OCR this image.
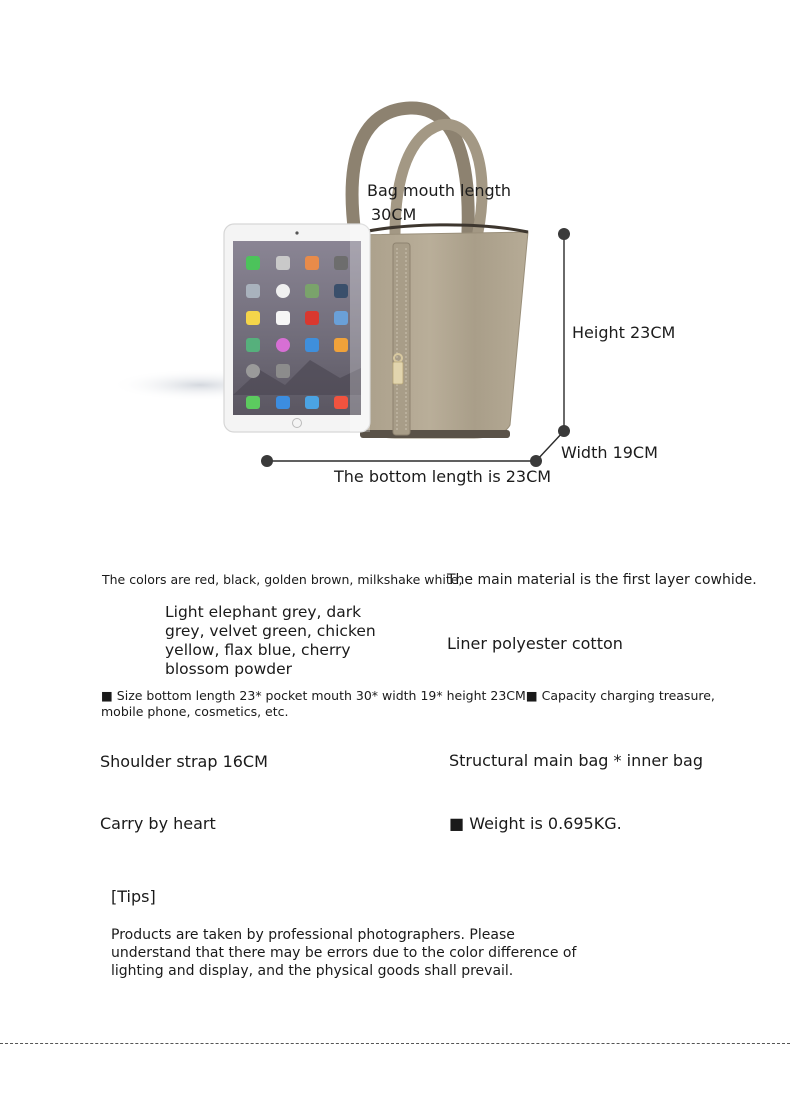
Bag mouth length
30CM
Height 23CM
Width 19CM
The bottom length is 23CM
The colors are red, black, golden brown, milkshake white,
Light elephant grey, dark grey, velvet green, chicken yellow, flax blue, cherry blossom powder
The main material is the first layer cowhide.
Liner polyester cotton
■ Size bottom length 23* pocket mouth 30* width 19* height 23CM■ Capacity charging treasure, mobile phone, cosmetics, etc.
Shoulder strap 16CM	Structural main bag * inner bag
Carry by heart	■ Weight is 0.695KG.
[Tips]
Products are taken by professional photographers. Please understand that there may be errors due to the color difference of lighting and display, and the physical goods shall prevail.
